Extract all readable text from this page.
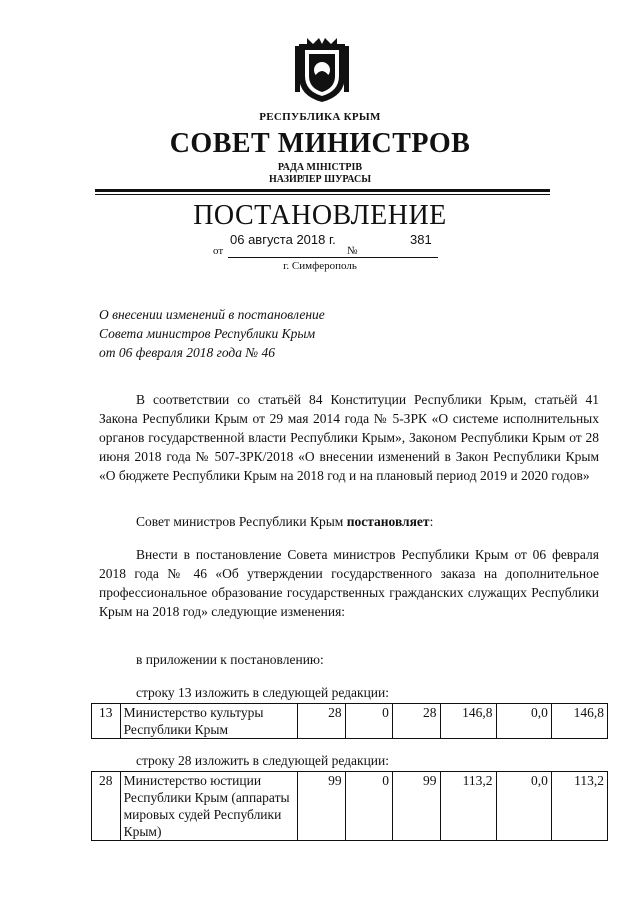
РЕСПУБЛИКА КРЫМ
СОВЕТ МИНИСТРОВ
РАДА МІНІСТРІВ
НАЗИРЛЕР ШУРАСЫ
ПОСТАНОВЛЕНИЕ
от
06 августа 2018 г.
№
381
г. Симферополь
О внесении изменений в постановление
Совета министров Республики Крым
от 06 февраля 2018 года № 46
В соответствии со статьёй 84 Конституции Республики Крым, статьёй 41 Закона Республики Крым от 29 мая 2014 года № 5-ЗРК «О системе исполнительных органов государственной власти Республики Крым», Законом Республики Крым от 28 июня 2018 года № 507-ЗРК/2018 «О внесении изменений в Закон Республики Крым «О бюджете Республики Крым на 2018 год и на плановый период 2019 и 2020 годов»
Совет министров Республики Крым постановляет:
Внести в постановление Совета министров Республики Крым от 06 февраля 2018 года № 46 «Об утверждении государственного заказа на дополнительное профессиональное образование государственных гражданских служащих Республики Крым на 2018 год» следующие изменения:
в приложении к постановлению:
строку 13 изложить в следующей редакции:
13	Министерство культуры Республики Крым	28	0	28	146,8	0,0	146,8
строку 28 изложить в следующей редакции:
28	Министерство юстиции Республики Крым (аппараты мировых судей Республики Крым)	99	0	99	113,2	0,0	113,2
